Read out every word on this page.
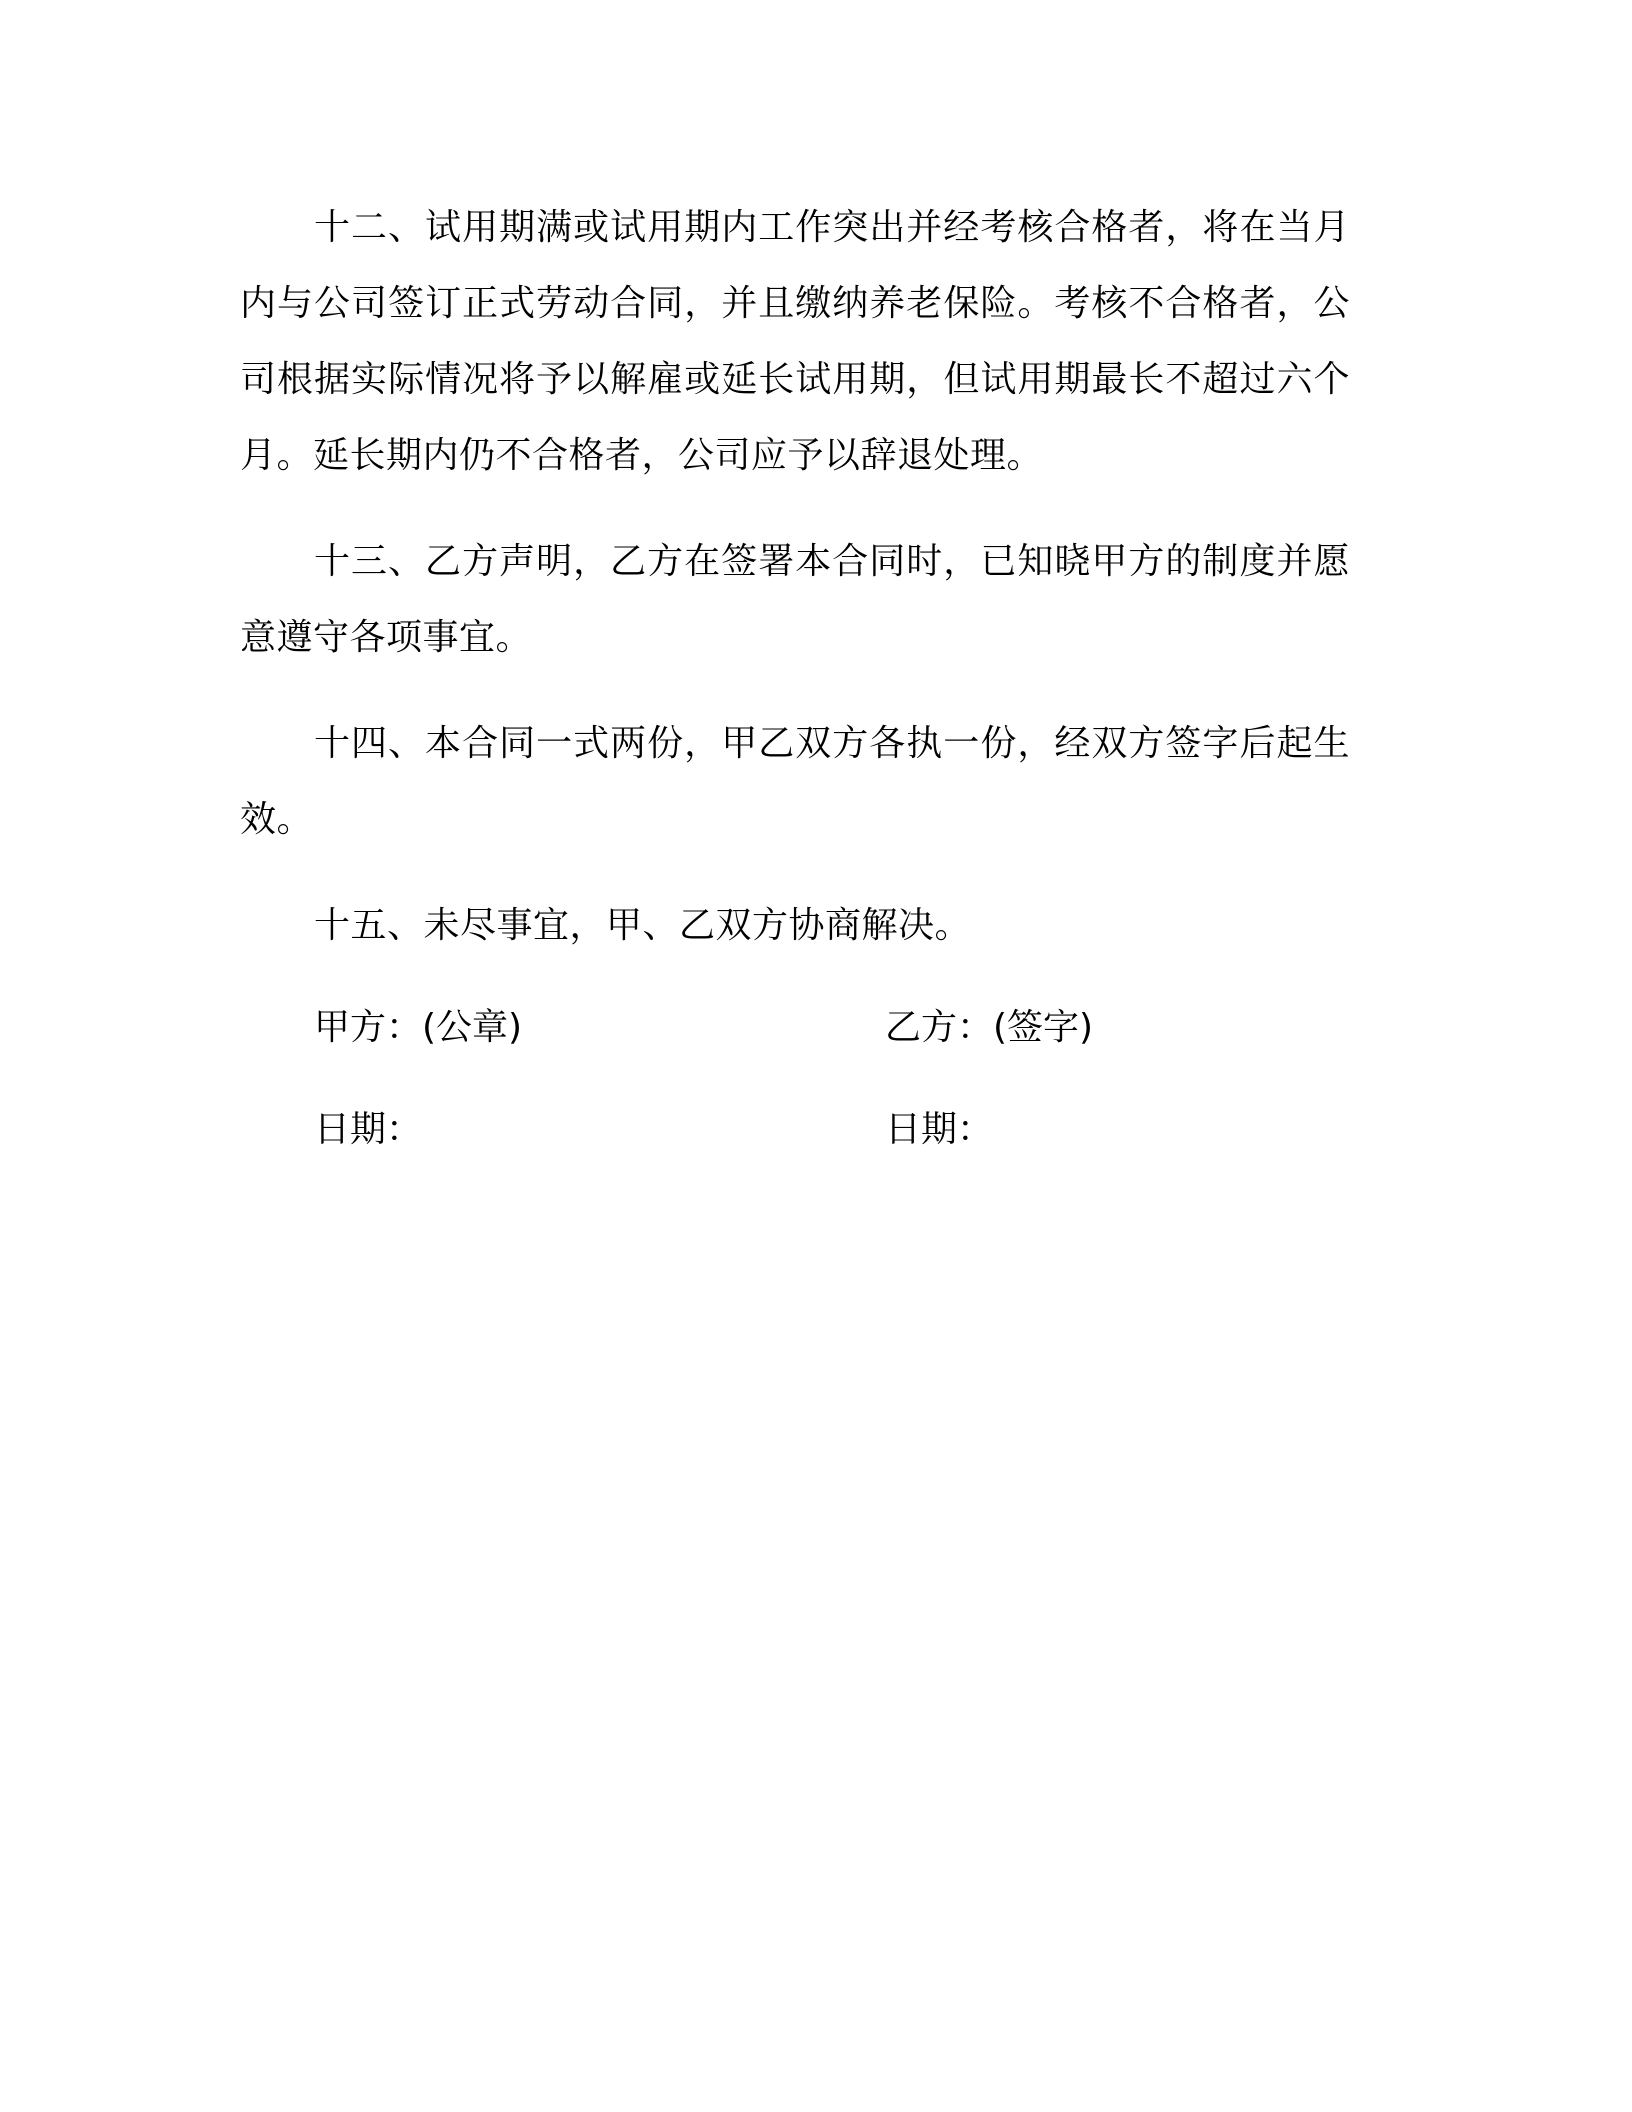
十二、试用期满或试用期内工作突出并经考核合格者，将在当月内与公司签订正式劳动合同，并且缴纳养老保险。考核不合格者，公司根据实际情况将予以解雇或延长试用期，但试用期最长不超过六个月。延长期内仍不合格者，公司应予以辞退处理。

十三、乙方声明，乙方在签署本合同时，已知晓甲方的制度并愿意遵守各项事宜。

十四、本合同一式两份，甲乙双方各执一份，经双方签字后起生效。

十五、未尽事宜，甲、乙双方协商解决。

甲方：(公章)	乙方：(签字)
日期：	日期：
